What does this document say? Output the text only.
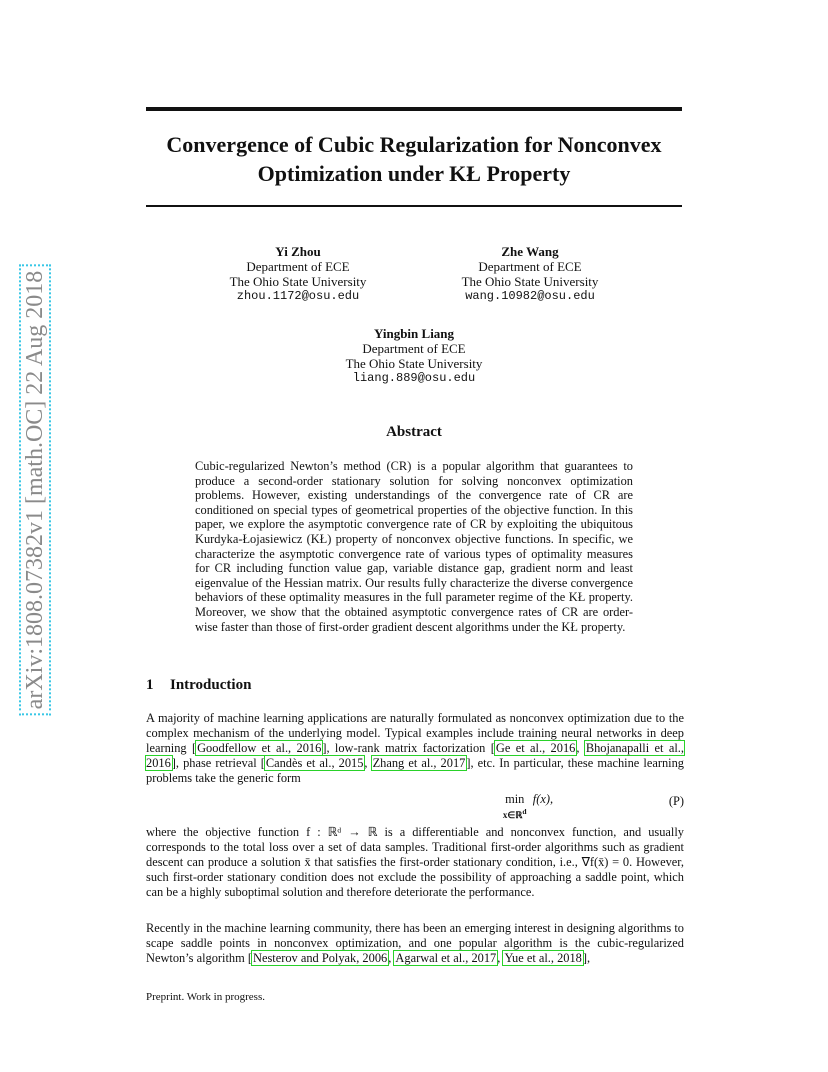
arXiv:1808.07382v1 [math.OC] 22 Aug 2018
Convergence of Cubic Regularization for Nonconvex
Optimization under KŁ Property
Yi Zhou
Department of ECE
The Ohio State University
zhou.1172@osu.edu
Zhe Wang
Department of ECE
The Ohio State University
wang.10982@osu.edu
Yingbin Liang
Department of ECE
The Ohio State University
liang.889@osu.edu
Abstract
Cubic-regularized Newton’s method (CR) is a popular algorithm that guarantees to produce a second-order stationary solution for solving nonconvex optimization problems. However, existing understandings of the convergence rate of CR are conditioned on special types of geometrical properties of the objective function. In this paper, we explore the asymptotic convergence rate of CR by exploiting the ubiquitous Kurdyka-Łojasiewicz (KŁ) property of nonconvex objective functions. In specific, we characterize the asymptotic convergence rate of various types of optimality measures for CR including function value gap, variable distance gap, gradient norm and least eigenvalue of the Hessian matrix. Our results fully characterize the diverse convergence behaviors of these optimality measures in the full parameter regime of the KŁ property. Moreover, we show that the obtained asymptotic convergence rates of CR are order-wise faster than those of first-order gradient descent algorithms under the KŁ property.
1 Introduction
A majority of machine learning applications are naturally formulated as nonconvex optimization due to the complex mechanism of the underlying model. Typical examples include training neural networks in deep learning [Goodfellow et al., 2016], low-rank matrix factorization [Ge et al., 2016, Bhojanapalli et al., 2016], phase retrieval [Candès et al., 2015, Zhang et al., 2017], etc. In particular, these machine learning problems take the generic form
min
x∈ℝ$^d$
f(x),	(P)
where the objective function f : ℝᵈ → ℝ is a differentiable and nonconvex function, and usually corresponds to the total loss over a set of data samples. Traditional first-order algorithms such as gradient descent can produce a solution x̄ that satisfies the first-order stationary condition, i.e., ∇f(x̄) = 0. However, such first-order stationary condition does not exclude the possibility of approaching a saddle point, which can be a highly suboptimal solution and therefore deteriorate the performance.
Recently in the machine learning community, there has been an emerging interest in designing algorithms to scape saddle points in nonconvex optimization, and one popular algorithm is the cubic-regularized Newton’s algorithm [Nesterov and Polyak, 2006, Agarwal et al., 2017, Yue et al., 2018],
Preprint. Work in progress.
